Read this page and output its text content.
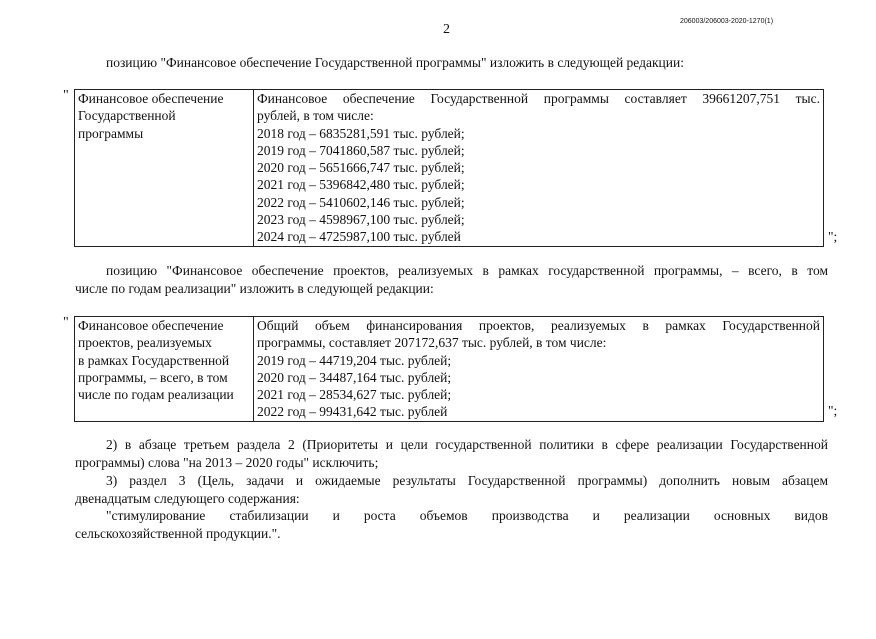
2
206003/206003-2020-1270(1)
позицию "Финансовое обеспечение Государственной программы" изложить в следующей редакции:
" Финансовое обеспечение
Государственной
программы

Финансовое обеспечение Государственной программы составляет 39661207,751 тыс.
рублей, в том числе:
2018 год – 6835281,591 тыс. рублей;
2019 год – 7041860,587 тыс. рублей;
2020 год – 5651666,747 тыс. рублей;
2021 год – 5396842,480 тыс. рублей;
2022 год – 5410602,146 тыс. рублей;
2023 год – 4598967,100 тыс. рублей;
2024 год – 4725987,100 тыс. рублей	";
позицию "Финансовое обеспечение проектов, реализуемых в рамках государственной программы, – всего, в том
числе по годам реализации" изложить в следующей редакции:
" Финансовое обеспечение
проектов, реализуемых
в рамках Государственной
программы, – всего, в том
числе по годам реализации

Общий объем финансирования проектов, реализуемых в рамках Государственной
программы, составляет 207172,637 тыс. рублей, в том числе:
2019 год – 44719,204 тыс. рублей;
2020 год – 34487,164 тыс. рублей;
2021 год – 28534,627 тыс. рублей;
2022 год – 99431,642 тыс. рублей	";
2) в абзаце третьем раздела 2 (Приоритеты и цели государственной политики в сфере реализации Государственной
программы) слова "на 2013 – 2020 годы" исключить;
3) раздел 3 (Цель, задачи и ожидаемые результаты Государственной программы) дополнить новым абзацем
двенадцатым следующего содержания:
"стимулирование стабилизации и роста объемов производства и реализации основных видов
сельскохозяйственной продукции.".
